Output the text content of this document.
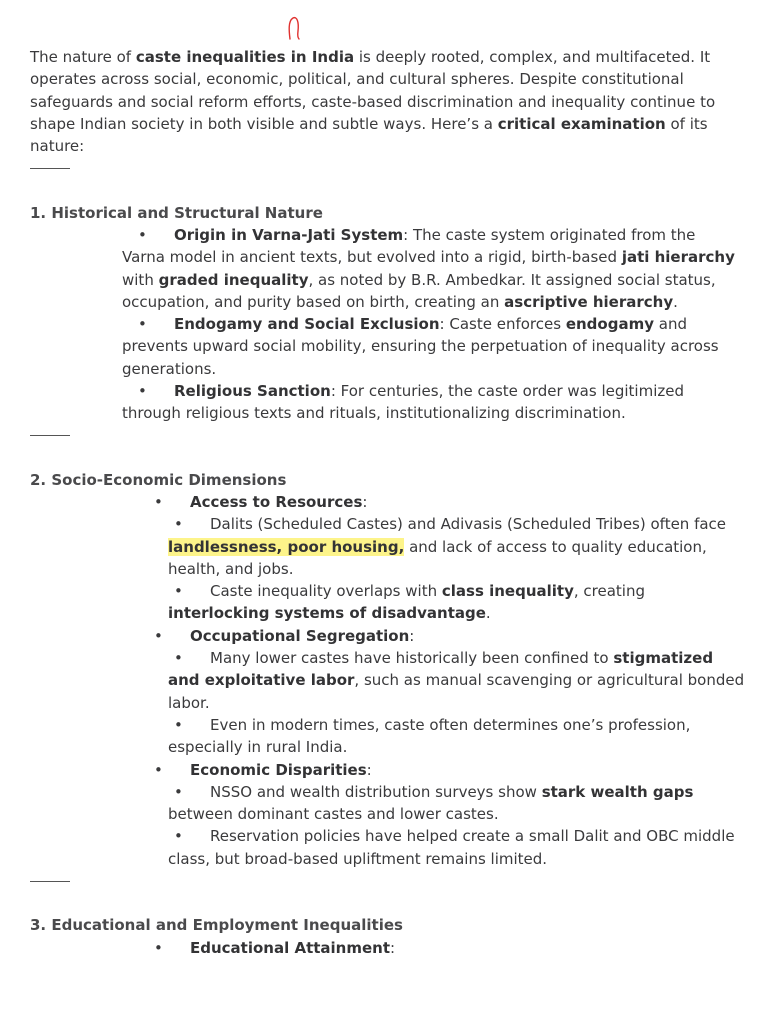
The nature of caste inequalities in India is deeply rooted, complex, and multifaceted. It operates across social, economic, political, and cultural spheres. Despite constitutional safeguards and social reform efforts, caste-based discrimination and inequality continue to shape Indian society in both visible and subtle ways. Here’s a critical examination of its nature:
1. Historical and Structural Nature
• Origin in Varna-Jati System: The caste system originated from the Varna model in ancient texts, but evolved into a rigid, birth-based jati hierarchy with graded inequality, as noted by B.R. Ambedkar. It assigned social status, occupation, and purity based on birth, creating an ascriptive hierarchy.
• Endogamy and Social Exclusion: Caste enforces endogamy and prevents upward social mobility, ensuring the perpetuation of inequality across generations.
• Religious Sanction: For centuries, the caste order was legitimized through religious texts and rituals, institutionalizing discrimination.
2. Socio-Economic Dimensions
• Access to Resources:
• Dalits (Scheduled Castes) and Adivasis (Scheduled Tribes) often face landlessness, poor housing, and lack of access to quality education, health, and jobs.
• Caste inequality overlaps with class inequality, creating interlocking systems of disadvantage.
• Occupational Segregation:
• Many lower castes have historically been confined to stigmatized and exploitative labor, such as manual scavenging or agricultural bonded labor.
• Even in modern times, caste often determines one’s profession, especially in rural India.
• Economic Disparities:
• NSSO and wealth distribution surveys show stark wealth gaps between dominant castes and lower castes.
• Reservation policies have helped create a small Dalit and OBC middle class, but broad-based upliftment remains limited.
3. Educational and Employment Inequalities
• Educational Attainment:
